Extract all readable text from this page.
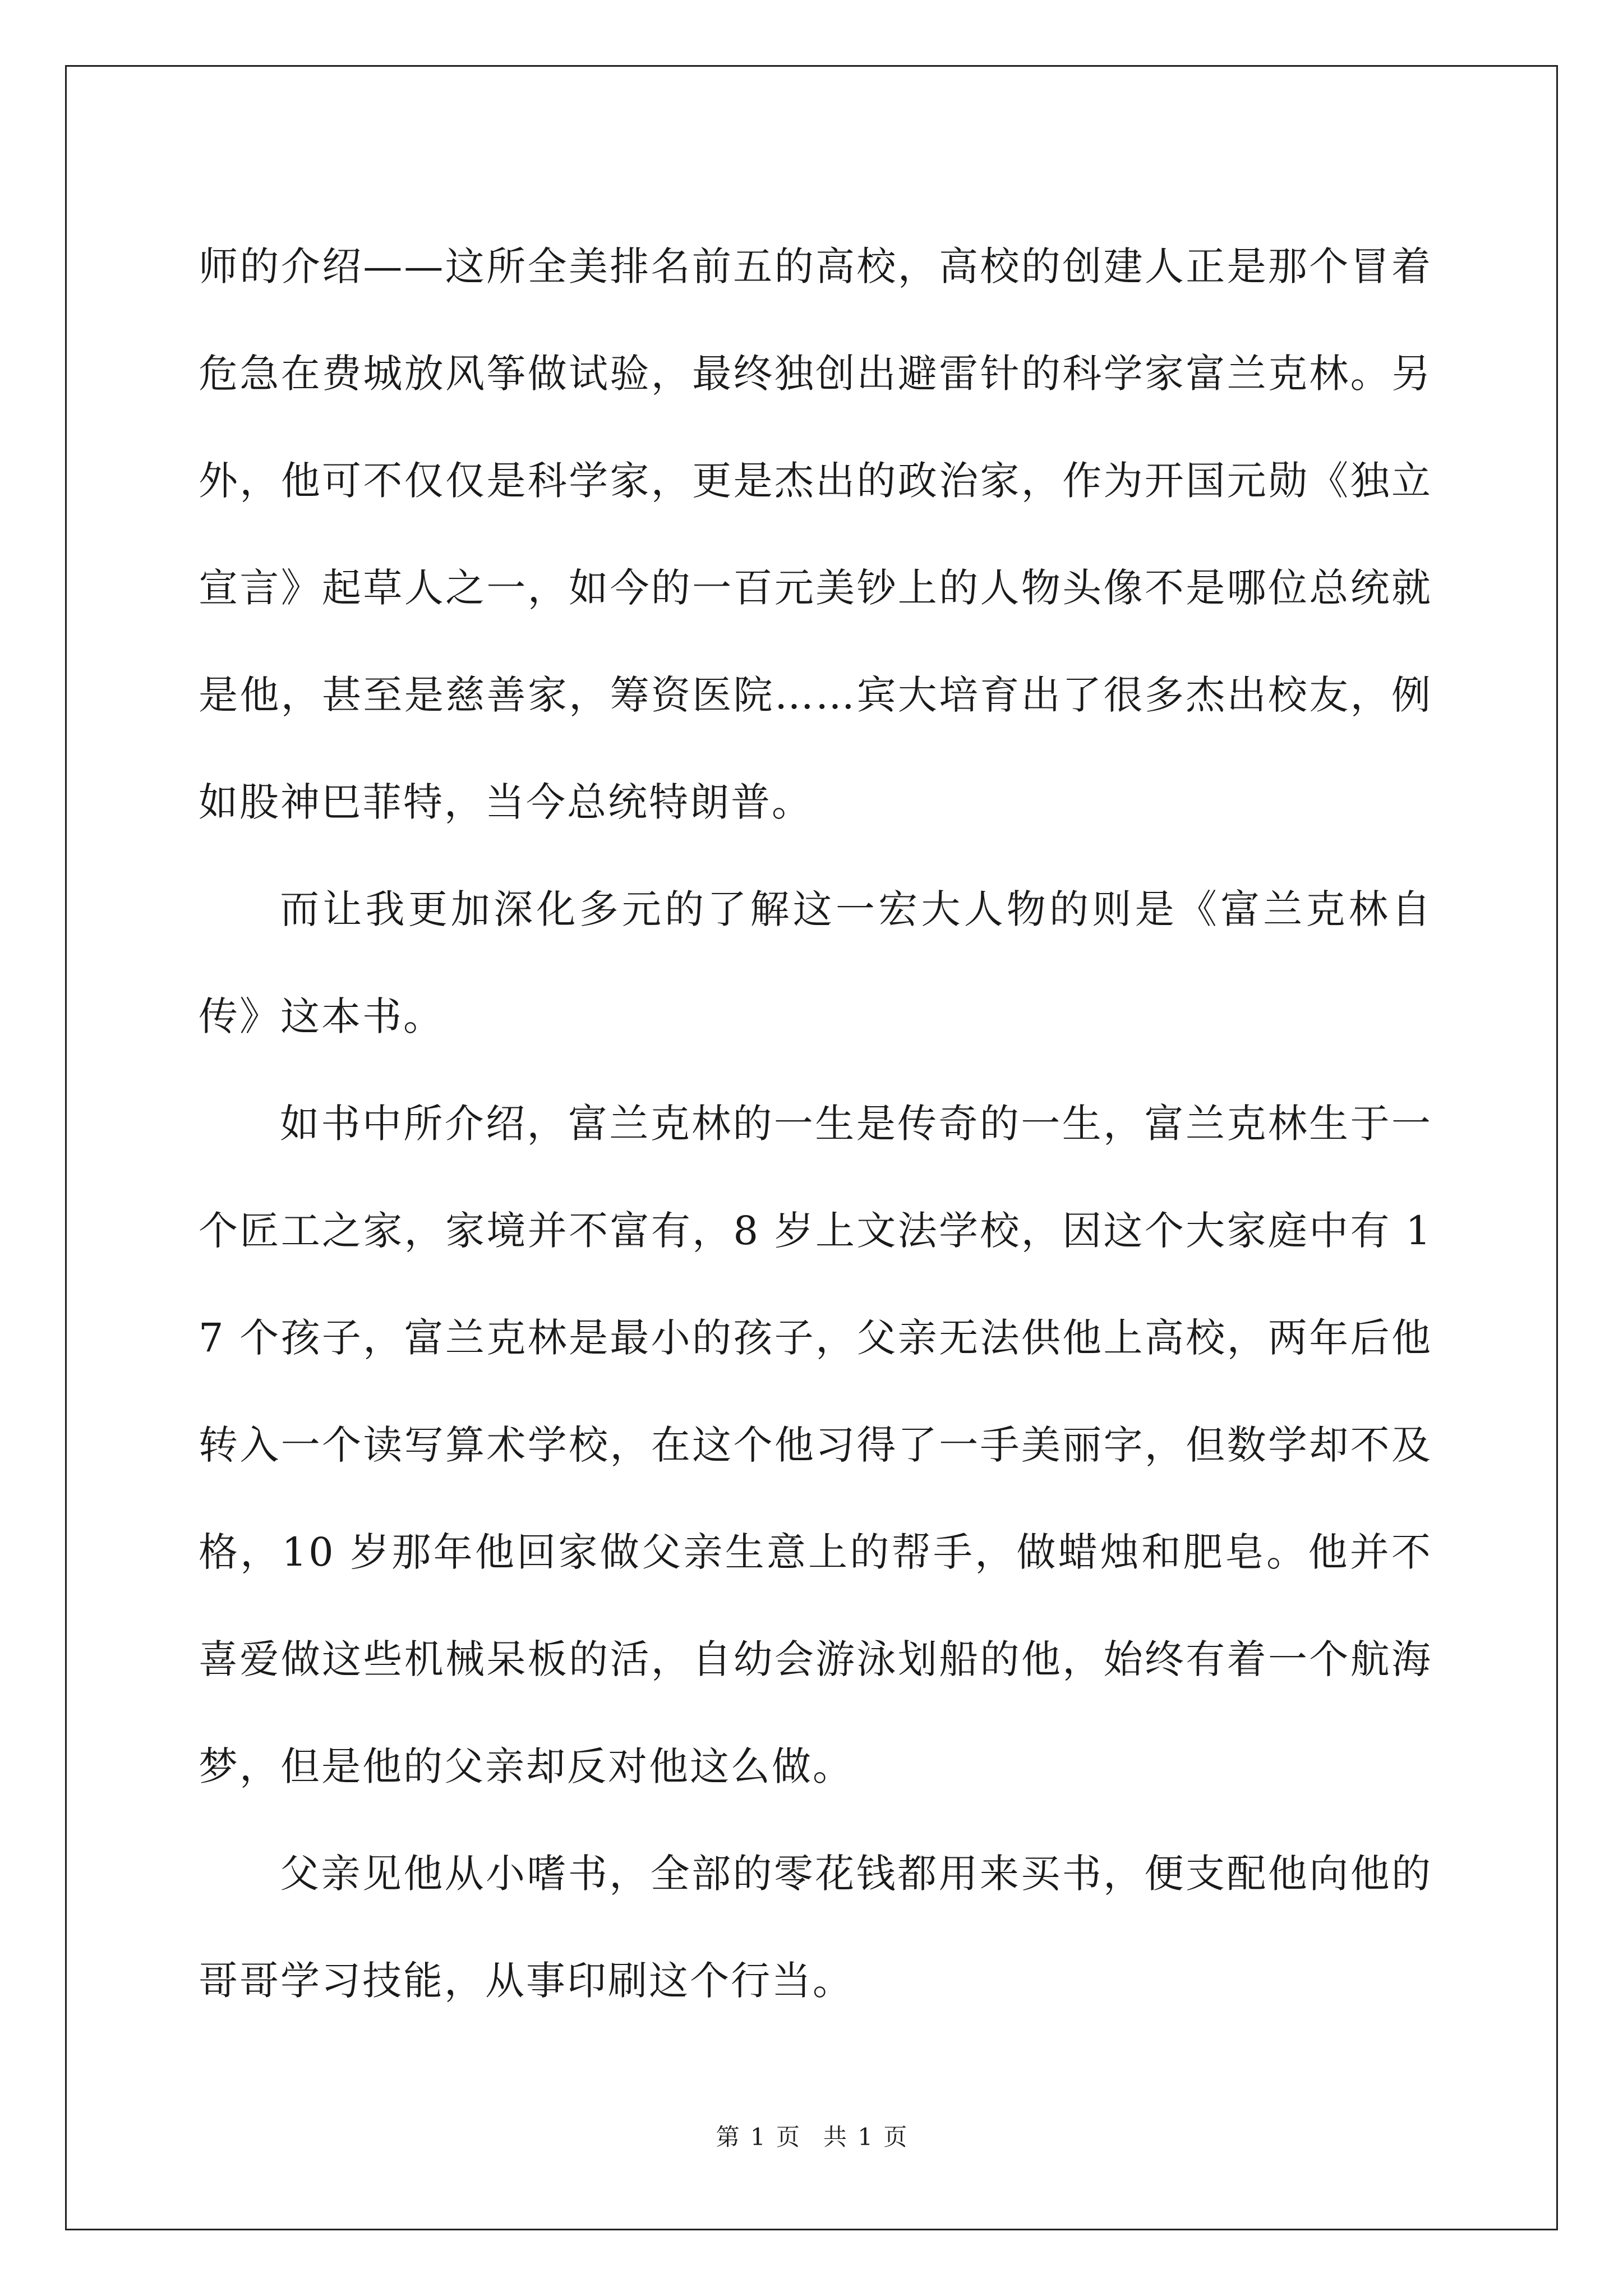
师的介绍——这所全美排名前五的高校，高校的创建人正是那个冒着危急在费城放风筝做试验，最终独创出避雷针的科学家富兰克林。另外，他可不仅仅是科学家，更是杰出的政治家，作为开国元勋《独立宣言》起草人之一，如今的一百元美钞上的人物头像不是哪位总统就是他，甚至是慈善家，筹资医院……宾大培育出了很多杰出校友，例如股神巴菲特，当今总统特朗普。

而让我更加深化多元的了解这一宏大人物的则是《富兰克林自传》这本书。

如书中所介绍，富兰克林的一生是传奇的一生，富兰克林生于一个匠工之家，家境并不富有，8 岁上文法学校，因这个大家庭中有 17 个孩子，富兰克林是最小的孩子，父亲无法供他上高校，两年后他转入一个读写算术学校，在这个他习得了一手美丽字，但数学却不及格，10 岁那年他回家做父亲生意上的帮手，做蜡烛和肥皂。他并不喜爱做这些机械呆板的活，自幼会游泳划船的他，始终有着一个航海梦，但是他的父亲却反对他这么做。

父亲见他从小嗜书，全部的零花钱都用来买书，便支配他向他的哥哥学习技能，从事印刷这个行当。

第 1 页　共 1 页
